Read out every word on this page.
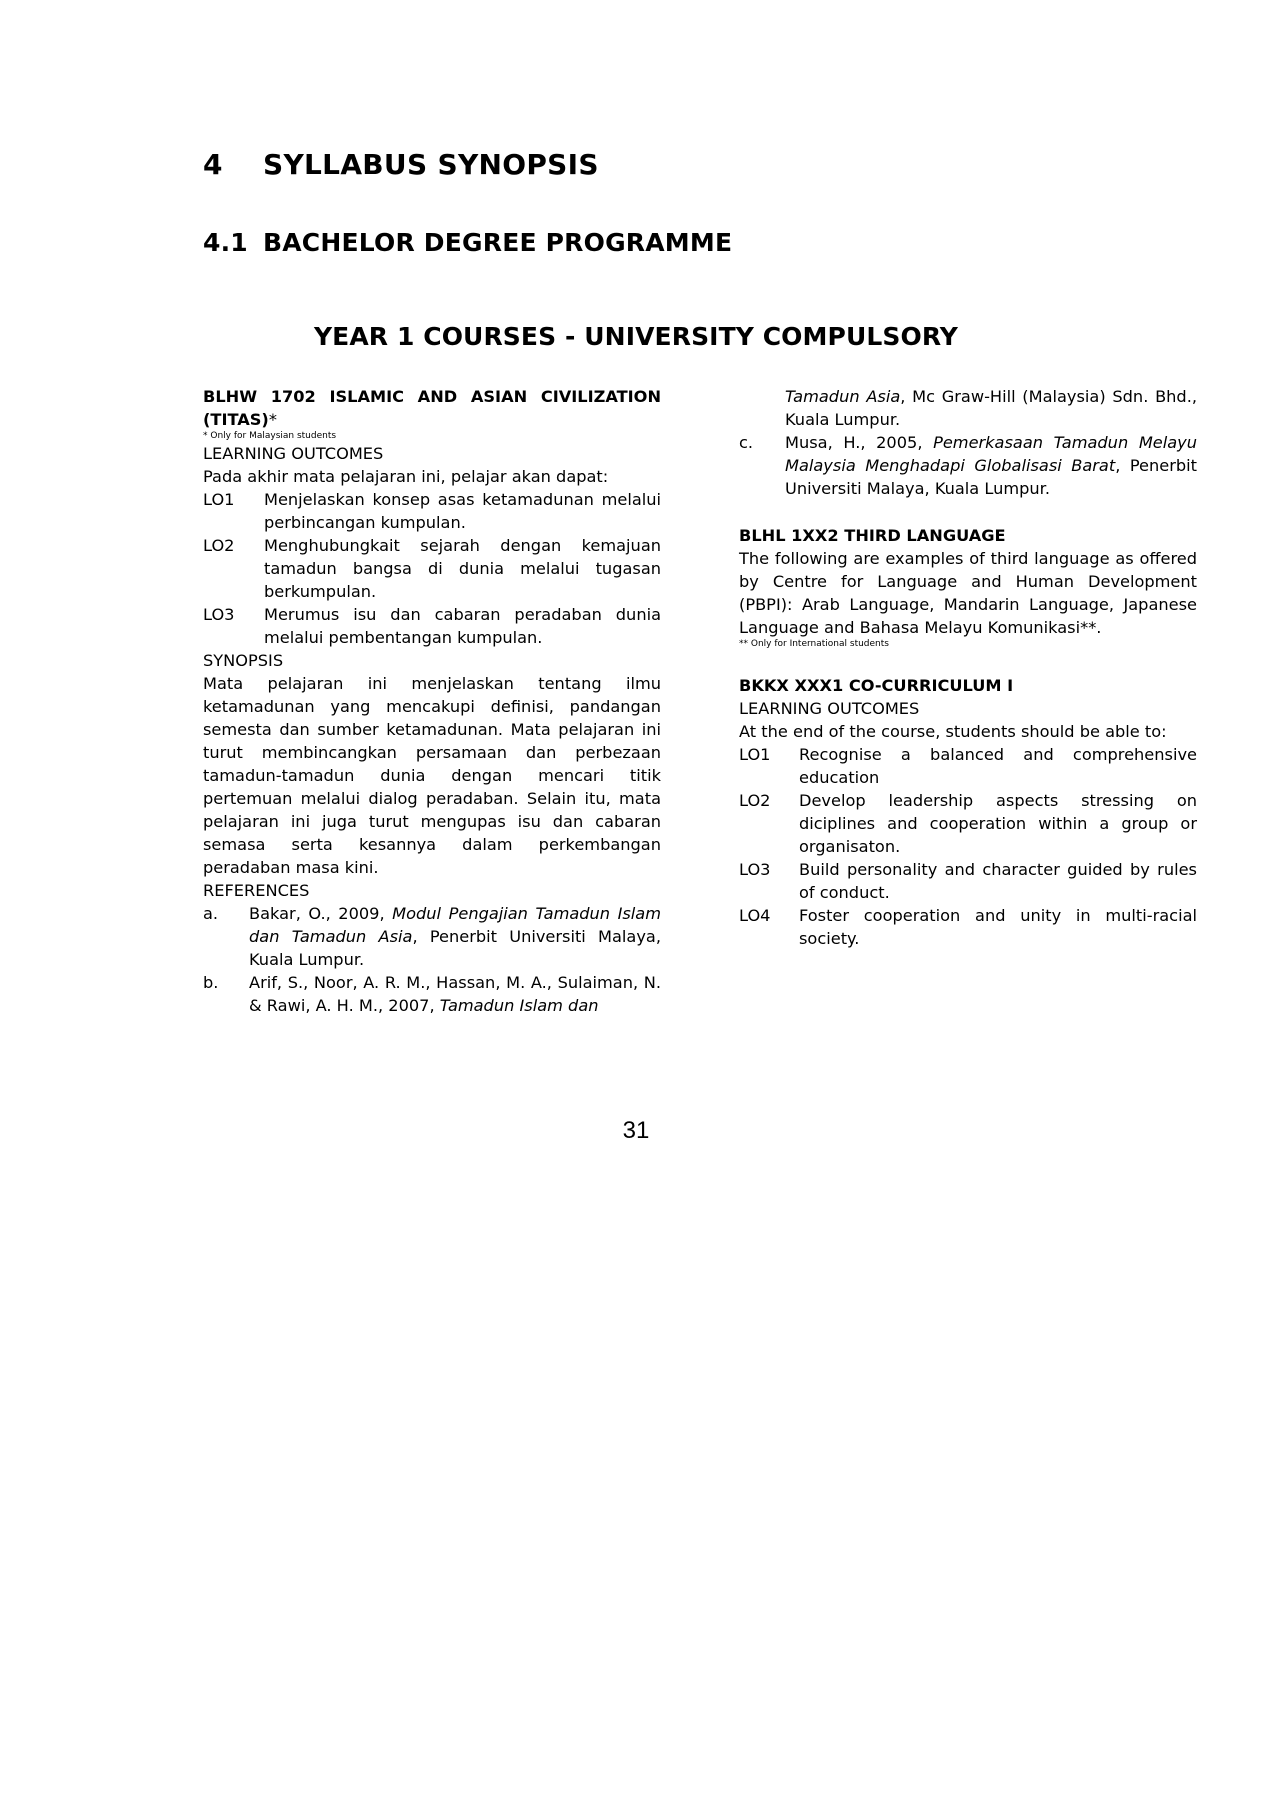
4 SYLLABUS SYNOPSIS
4.1 BACHELOR DEGREE PROGRAMME
YEAR 1 COURSES - UNIVERSITY COMPULSORY
BLHW 1702 ISLAMIC AND ASIAN CIVILIZATION (TITAS)*
* Only for Malaysian students
LEARNING OUTCOMES
Pada akhir mata pelajaran ini, pelajar akan dapat:
LO1	Menjelaskan konsep asas ketamadunan melalui perbincangan kumpulan.
LO2	Menghubungkait sejarah dengan kemajuan tamadun bangsa di dunia melalui tugasan berkumpulan.
LO3	Merumus isu dan cabaran peradaban dunia melalui pembentangan kumpulan.
SYNOPSIS
Mata pelajaran ini menjelaskan tentang ilmu ketamadunan yang mencakupi definisi, pandangan semesta dan sumber ketamadunan. Mata pelajaran ini turut membincangkan persamaan dan perbezaan tamadun-tamadun dunia dengan mencari titik pertemuan melalui dialog peradaban. Selain itu, mata pelajaran ini juga turut mengupas isu dan cabaran semasa serta kesannya dalam perkembangan peradaban masa kini.
REFERENCES
a.	Bakar, O., 2009, Modul Pengajian Tamadun Islam dan Tamadun Asia, Penerbit Universiti Malaya, Kuala Lumpur.
b.	Arif, S., Noor, A. R. M., Hassan, M. A., Sulaiman, N. & Rawi, A. H. M., 2007, Tamadun Islam dan
Tamadun Asia, Mc Graw-Hill (Malaysia) Sdn. Bhd., Kuala Lumpur.
c.	Musa, H., 2005, Pemerkasaan Tamadun Melayu Malaysia Menghadapi Globalisasi Barat, Penerbit Universiti Malaya, Kuala Lumpur.
BLHL 1XX2 THIRD LANGUAGE
The following are examples of third language as offered by Centre for Language and Human Development (PBPI): Arab Language, Mandarin Language, Japanese Language and Bahasa Melayu Komunikasi**.
** Only for International students
BKKX XXX1 CO-CURRICULUM I
LEARNING OUTCOMES
At the end of the course, students should be able to:
LO1	Recognise a balanced and comprehensive education
LO2	Develop leadership aspects stressing on diciplines and cooperation within a group or organisaton.
LO3	Build personality and character guided by rules of conduct.
LO4	Foster cooperation and unity in multi-racial society.
31
